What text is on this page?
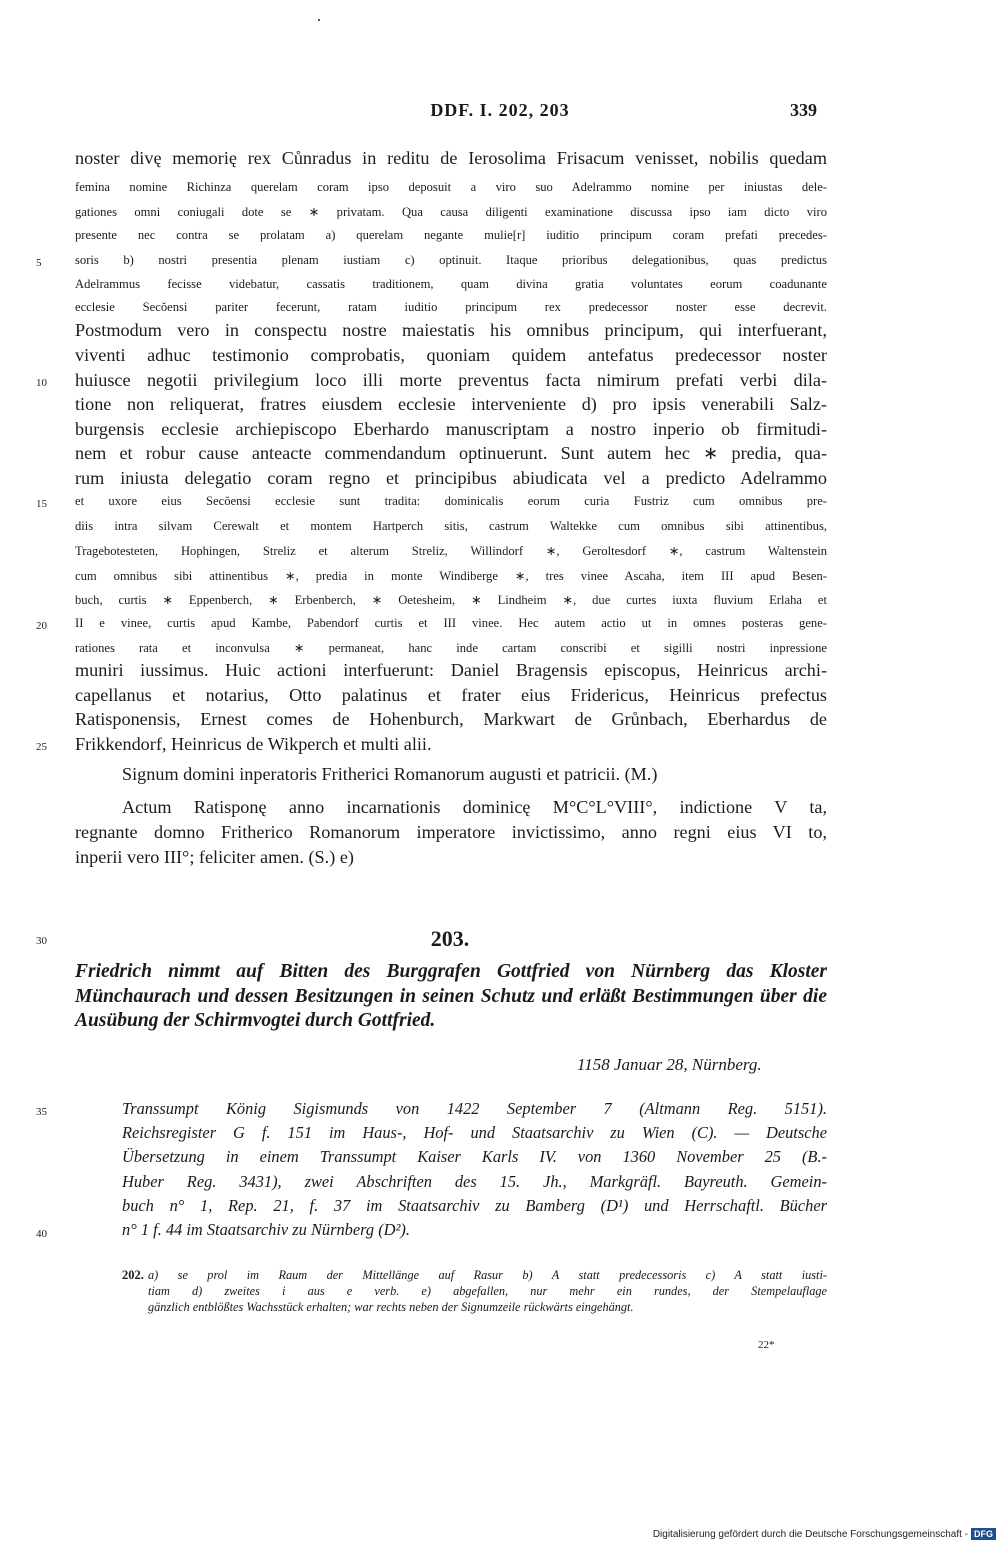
DDF. I. 202, 203	339
noster divę memorię rex Cůnradus in reditu de Ierosolima Frisacum venisset, nobilis quedam
femina nomine Richinza querelam coram ipso deposuit a viro suo Adelrammo nomine per iniustas dele-
gationes omni coniugali dote se ∗ privatam. Qua causa diligenti examinatione discussa ipso iam dicto viro
presente nec contra se prolatam a) querelam negante mulie[r] iuditio principum coram prefati precedes-
soris b) nostri presentia plenam iustiam c) optinuit. Itaque prioribus delegationibus, quas predictus
Adelrammus fecisse videbatur, cassatis traditionem, quam divina gratia voluntates eorum coadunante
ecclesie Secŏensi pariter fecerunt, ratam iuditio principum rex predecessor noster esse decrevit.
Postmodum vero in conspectu nostre maiestatis his omnibus principum, qui interfuerant,
viventi adhuc testimonio comprobatis, quoniam quidem antefatus predecessor noster
huiusce negotii privilegium loco illi morte preventus facta nimirum prefati verbi dila-
tione non reliquerat, fratres eiusdem ecclesie interveniente d) pro ipsis venerabili Salz-
burgensis ecclesie archiepiscopo Eberhardo manuscriptam a nostro inperio ob firmitudi-
nem et robur cause anteacte commendandum optinuerunt. Sunt autem hec ∗ predia, qua-
rum iniusta delegatio coram regno et principibus abiudicata vel a predicto Adelrammo
et uxore eius Secŏensi ecclesie sunt tradita: dominicalis eorum curia Fustriz cum omnibus pre-
diis intra silvam Cerewalt et montem Hartperch sitis, castrum Waltekke cum omnibus sibi attinentibus,
Tragebotesteten, Hophingen, Streliz et alterum Streliz, Willindorf ∗, Geroltesdorf ∗, castrum Waltenstein
cum omnibus sibi attinentibus ∗, predia in monte Windiberge ∗, tres vinee Ascaha, item III apud Besen-
buch, curtis ∗ Eppenberch, ∗ Erbenberch, ∗ Oetesheim, ∗ Lindheim ∗, due curtes iuxta fluvium Erlaha et
II e vinee, curtis apud Kambe, Pabendorf curtis et III vinee. Hec autem actio ut in omnes posteras gene-
rationes rata et inconvulsa ∗ permaneat, hanc inde cartam conscribi et sigilli nostri inpressione
muniri iussimus. Huic actioni interfuerunt: Daniel Bragensis episcopus, Heinricus archi-
capellanus et notarius, Otto palatinus et frater eius Fridericus, Heinricus prefectus
Ratisponensis, Ernest comes de Hohenburch, Markwart de Grůnbach, Eberhardus de
Frikkendorf, Heinricus de Wikperch et multi alii.
Signum domini inperatoris Fritherici Romanorum augusti et patricii. (M.)
Actum Ratisponę anno incarnationis dominicę M°C°L°VIII°, indictione V ta,
regnante domno Fritherico Romanorum imperatore invictissimo, anno regni eius VI to,
inperii vero III°; feliciter amen. (S.) e)
5
10
15
20
25
30
35
40
203.
Friedrich nimmt auf Bitten des Burggrafen Gottfried von Nürnberg das Kloster Münchaurach und dessen Besitzungen in seinen Schutz und erläßt Bestimmungen über die Ausübung der Schirmvogtei durch Gottfried.
1158 Januar 28, Nürnberg.
Transsumpt König Sigismunds von 1422 September 7 (Altmann Reg. 5151).
Reichsregister G f. 151 im Haus-, Hof- und Staatsarchiv zu Wien (C). — Deutsche
Übersetzung in einem Transsumpt Kaiser Karls IV. von 1360 November 25 (B.-
Huber Reg. 3431), zwei Abschriften des 15. Jh., Markgräfl. Bayreuth. Gemein-
buch n° 1, Rep. 21, f. 37 im Staatsarchiv zu Bamberg (D¹) und Herrschaftl. Bücher
n° 1 f. 44 im Staatsarchiv zu Nürnberg (D²).
202. a) se prol im Raum der Mittellänge auf Rasur b) A statt predecessoris c) A statt iusti-
tiam d) zweites i aus e verb. e) abgefallen, nur mehr ein rundes, der Stempelauflage
gänzlich entblößtes Wachsstück erhalten; war rechts neben der Signumzeile rückwärts eingehängt.
22*
Digitalisierung gefördert durch die Deutsche Forschungsgemeinschaft - DFG
